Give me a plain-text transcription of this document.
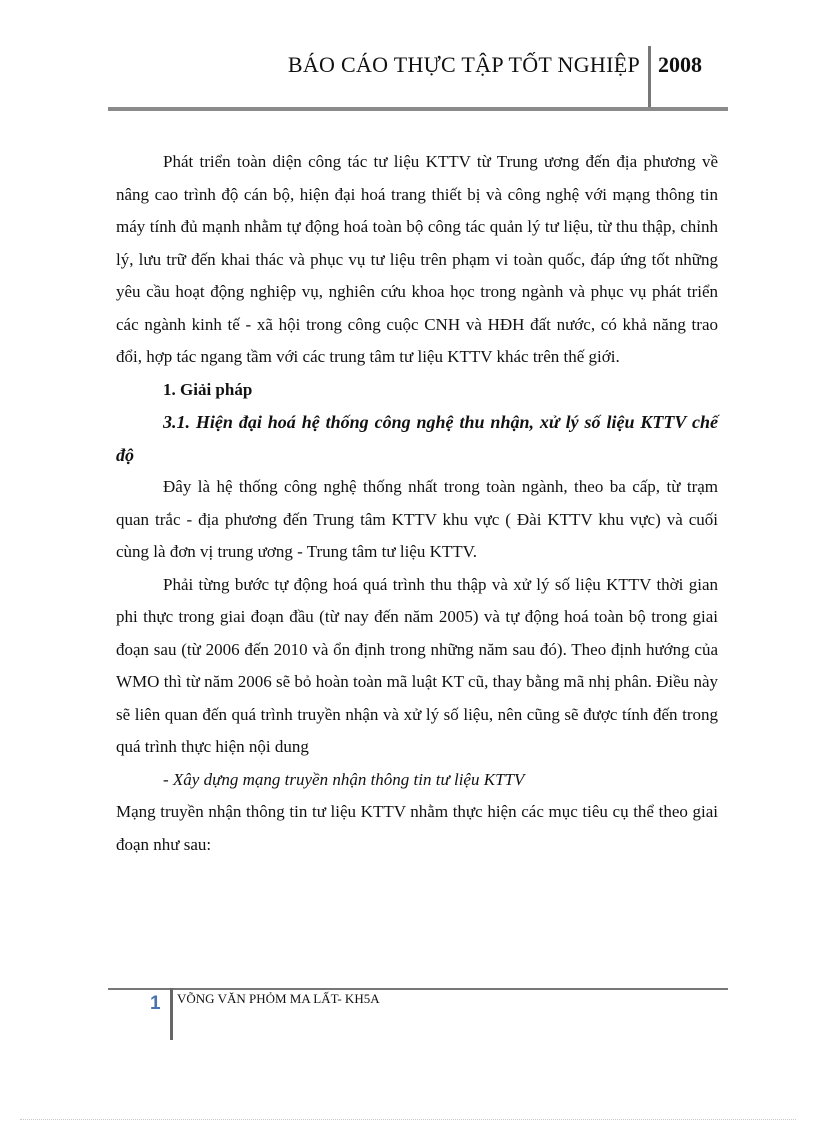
BÁO CÁO THỰC TẬP TỐT NGHIỆP 2008

Phát triển toàn diện công tác tư liệu KTTV từ Trung ương đến địa phương về nâng cao trình độ cán bộ, hiện đại hoá trang thiết bị và công nghệ với mạng thông tin máy tính đủ mạnh nhằm tự động hoá toàn bộ công tác quản lý tư liệu, từ thu thập, chỉnh lý, lưu trữ đến khai thác và phục vụ tư liệu trên phạm vi toàn quốc, đáp ứng tốt những yêu cầu hoạt động nghiệp vụ, nghiên cứu khoa học trong ngành và phục vụ phát triển các ngành kinh tế - xã hội trong công cuộc CNH và HĐH đất nước, có khả năng trao đổi, hợp tác ngang tầm với các trung tâm tư liệu KTTV khác trên thế giới.

1. Giải pháp

3.1. Hiện đại hoá hệ thống công nghệ thu nhận, xử lý số liệu KTTV chế độ

Đây là hệ thống công nghệ thống nhất trong toàn ngành, theo ba cấp, từ trạm quan trắc - địa phương đến Trung tâm KTTV khu vực ( Đài KTTV khu vực) và cuối cùng là đơn vị trung ương - Trung tâm tư liệu KTTV.

Phải từng bước tự động hoá quá trình thu thập và xử lý số liệu KTTV thời gian phi thực trong giai đoạn đầu (từ nay đến năm 2005) và tự động hoá toàn bộ trong giai đoạn sau (từ 2006 đến 2010 và ổn định trong những năm sau đó). Theo định hướng của WMO thì từ năm 2006 sẽ bỏ hoàn toàn mã luật KT cũ, thay bằng mã nhị phân. Điều này sẽ liên quan đến quá trình truyền nhận và xử lý số liệu, nên cũng sẽ được tính đến trong quá trình thực hiện nội dung

- Xây dựng mạng truyền nhận thông tin tư liệu KTTV

Mạng truyền nhận thông tin tư liệu KTTV nhằm thực hiện các mục tiêu cụ thể theo giai đoạn như sau:

1 VÕNG VĂN PHỎM MA LẤT- KH5A
